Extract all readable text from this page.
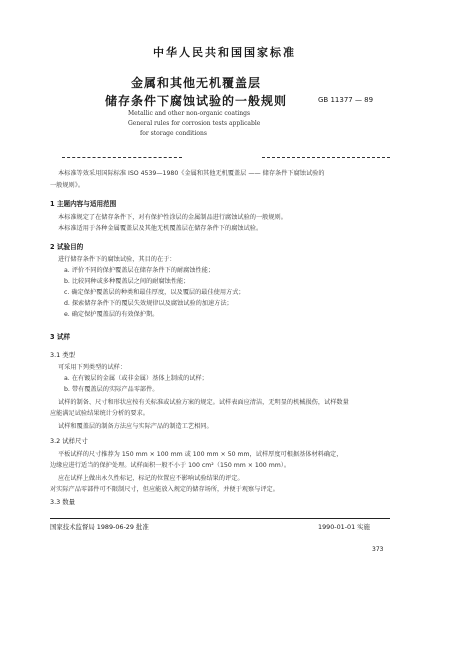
中华人民共和国国家标准
金属和其他无机覆盖层
储存条件下腐蚀试验的一般规则	GB 11377 — 89
Metallic and other non-organic coatings
General rules for corrosion tests applicable
for storage conditions
本标准等效采用国际标准 ISO 4539—1980《金属和其他无机覆盖层 —— 储存条件下腐蚀试验的
一般规则》。
1 主题内容与适用范围
本标准规定了在储存条件下，对有保护性涂层的金属制品进行腐蚀试验的一般规则。
本标准适用于各种金属覆盖层及其他无机覆盖层在储存条件下的腐蚀试验。
2 试验目的
进行储存条件下的腐蚀试验，其目的在于：
a. 评价不同的保护覆盖层在储存条件下的耐腐蚀性能；
b. 比较同种或多种覆盖层之间的耐腐蚀性能；
c. 确定保护覆盖层的种类和最佳厚度，以及覆层的最佳使用方式；
d. 探索储存条件下的覆层失效规律以及腐蚀试验的加速方法；
e. 确定保护覆盖层的有效保护期。
3 试样
3.1 类型
可采用下列类型的试样：
a. 在有镀层的金属（或非金属）基体上制成的试样；
b. 带有覆盖层的实际产品零部件。
试样的制备、尺寸和形状应按有关标准或试验方案的规定。试样表面应清洁，无明显的机械损伤，试样数量
应能满足试验结果统计分析的要求。
试样和覆盖层的制备方法应与实际产品的制造工艺相同。
3.2 试样尺寸
平板试样的尺寸推荐为 150 mm × 100 mm 或 100 mm × 50 mm，试样厚度可根据基体材料确定，
边缘应进行适当的保护处理。试样面积一般不小于 100 cm²（150 mm × 100 mm）。
应在试样上做出永久性标记，标记的位置应不影响试验结果的评定。
对实际产品零部件可不限制尺寸，但应能放入规定的储存场所，并便于观察与评定。
3.3 数量
国家技术监督局 1989-06-29 批准	1990-01-01 实施
373
